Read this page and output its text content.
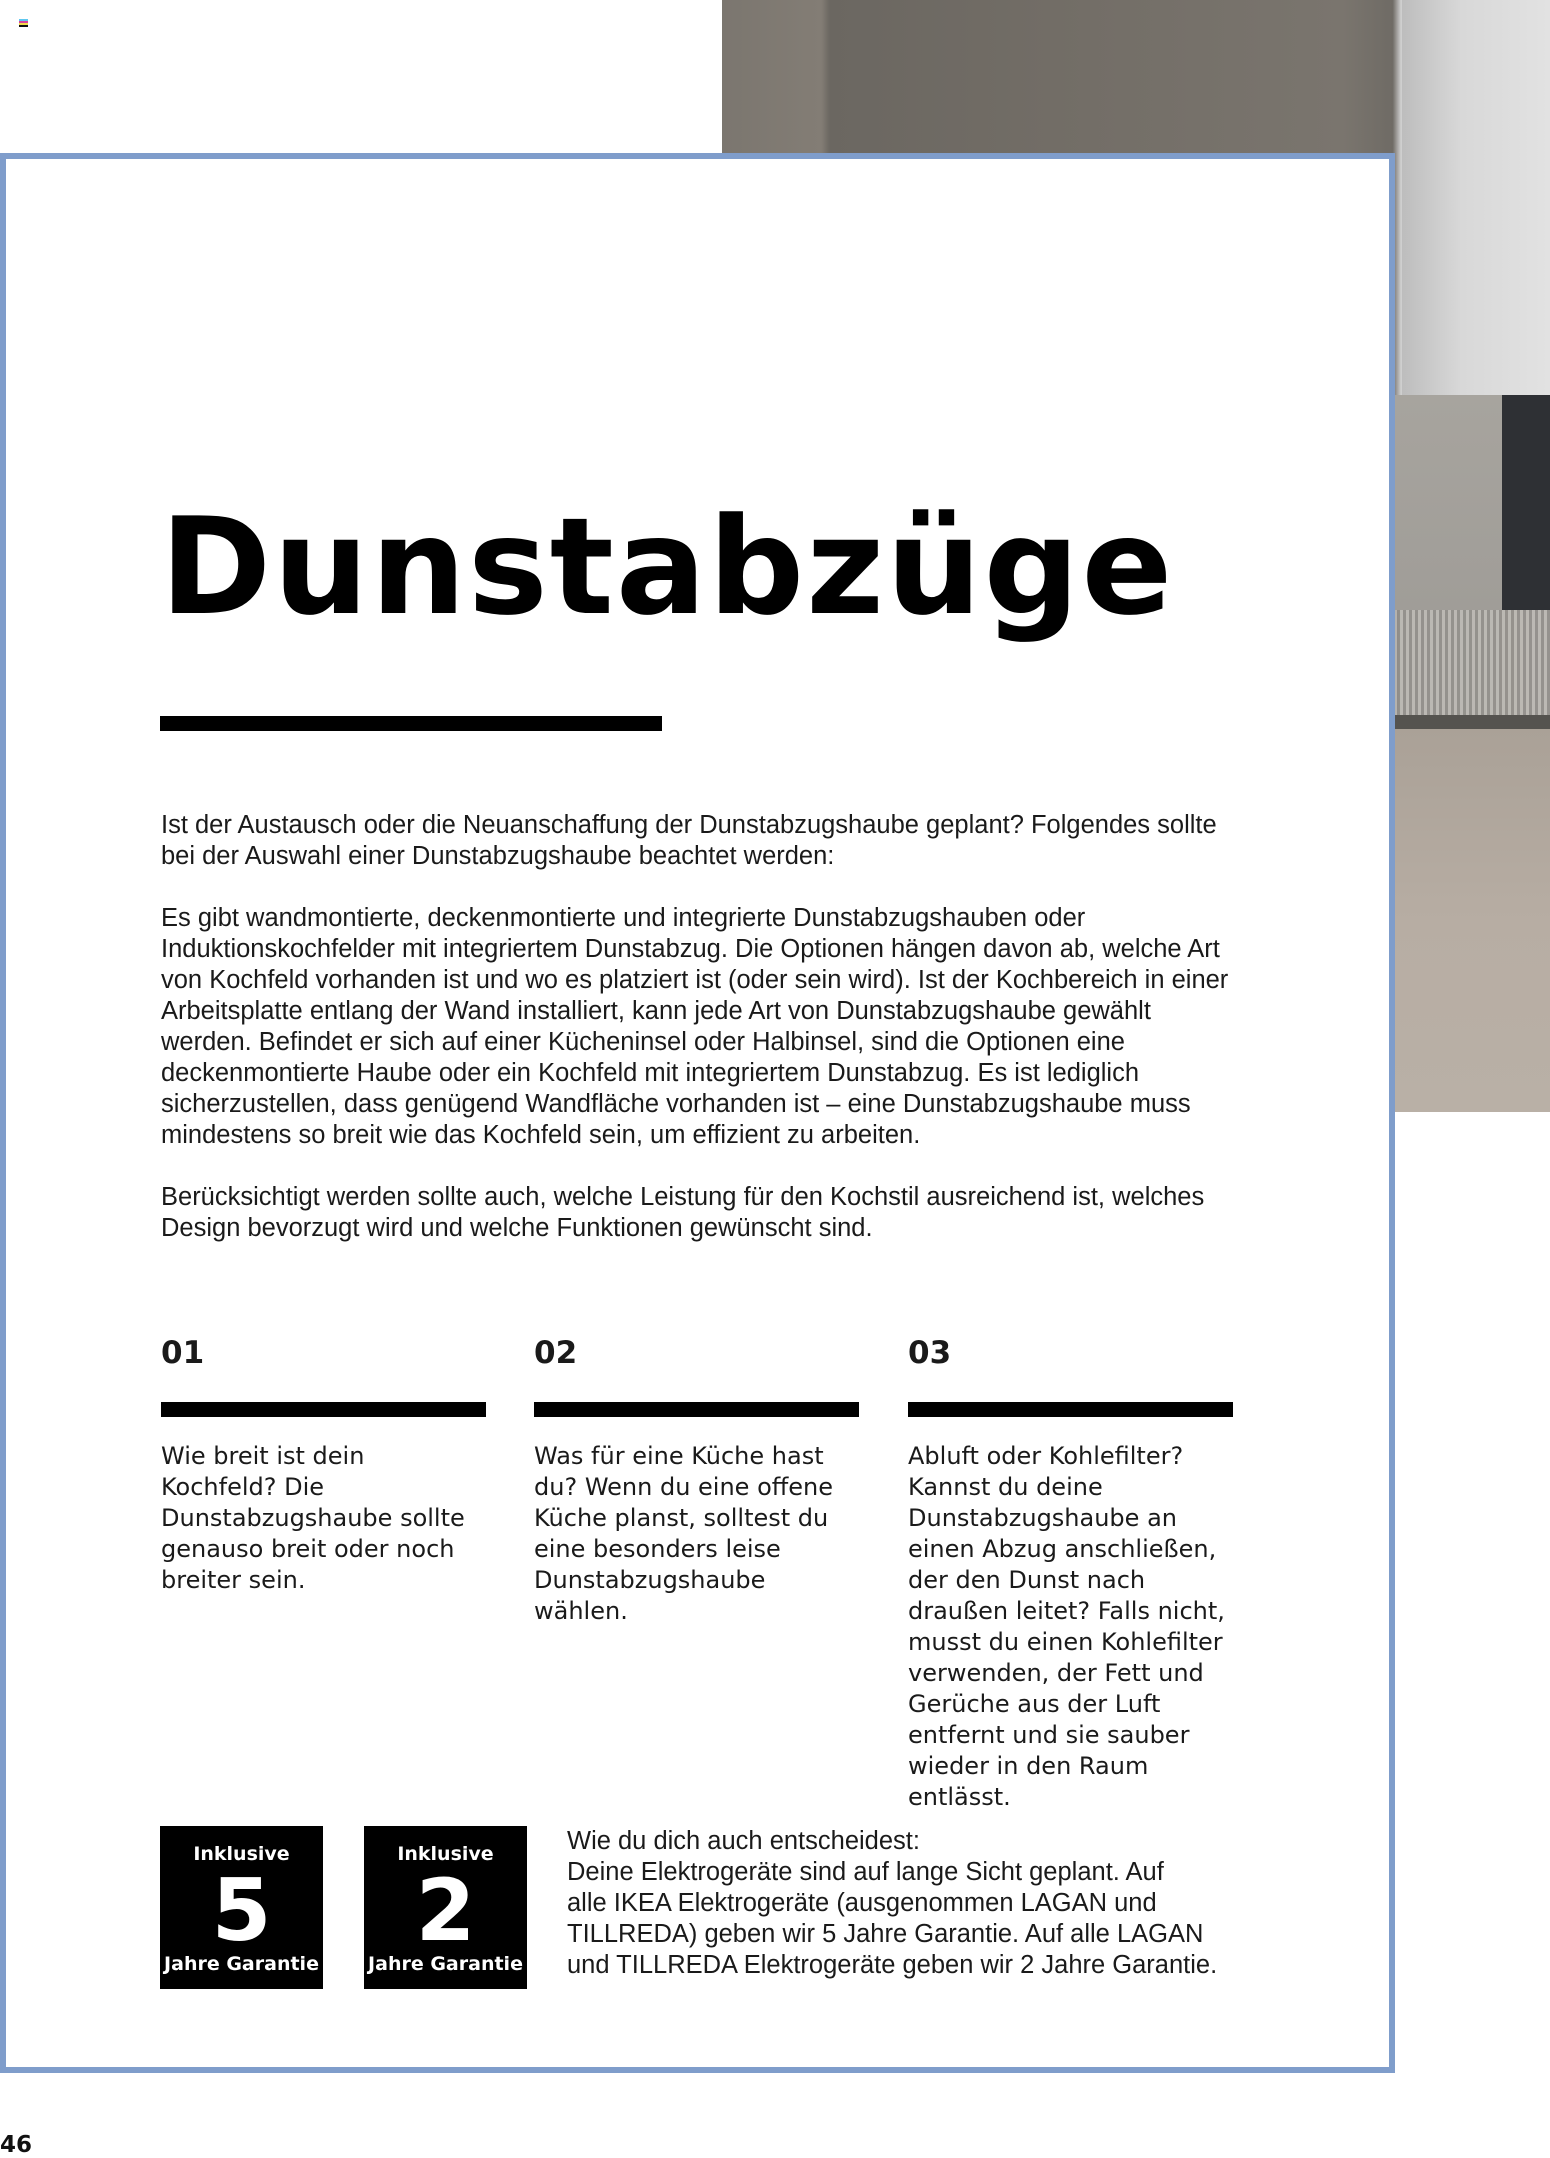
Dunstabzüge

Ist der Austausch oder die Neuanschaffung der Dunstabzugshaube geplant? Folgendes sollte bei der Auswahl einer Dunstabzugshaube beachtet werden:

Es gibt wandmontierte, deckenmontierte und integrierte Dunstabzugshauben oder Induktionskochfelder mit integriertem Dunstabzug. Die Optionen hängen davon ab, welche Art von Kochfeld vorhanden ist und wo es platziert ist (oder sein wird). Ist der Kochbereich in einer Arbeitsplatte entlang der Wand installiert, kann jede Art von Dunstabzugshaube gewählt werden. Befindet er sich auf einer Kücheninsel oder Halbinsel, sind die Optionen eine deckenmontierte Haube oder ein Kochfeld mit integriertem Dunstabzug. Es ist lediglich sicherzustellen, dass genügend Wandfläche vorhanden ist – eine Dunstabzugshaube muss mindestens so breit wie das Kochfeld sein, um effizient zu arbeiten.

Berücksichtigt werden sollte auch, welche Leistung für den Kochstil ausreichend ist, welches Design bevorzugt wird und welche Funktionen gewünscht sind.

01
Wie breit ist dein Kochfeld? Die Dunstabzugshaube sollte genauso breit oder noch breiter sein.
02
Was für eine Küche hast du? Wenn du eine offene Küche planst, solltest du eine besonders leise Dunstabzugshaube wählen.
03
Abluft oder Kohlefilter? Kannst du deine Dunstabzugshaube an einen Abzug anschließen, der den Dunst nach draußen leitet? Falls nicht, musst du einen Kohlefilter verwenden, der Fett und Gerüche aus der Luft entfernt und sie sauber wieder in den Raum entlässt.
Inklusive
5
Jahre Garantie
Inklusive
2
Jahre Garantie
Wie du dich auch entscheidest:
Deine Elektrogeräte sind auf lange Sicht geplant. Auf
alle IKEA Elektrogeräte (ausgenommen LAGAN und
TILLREDA) geben wir 5 Jahre Garantie. Auf alle LAGAN
und TILLREDA Elektrogeräte geben wir 2 Jahre Garantie.
46
